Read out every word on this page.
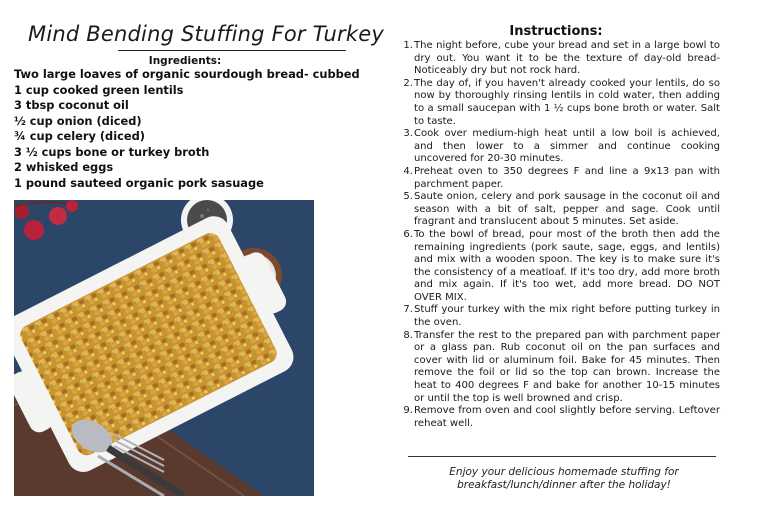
Mind Bending Stuffing For Turkey
Ingredients:
Two large loaves of organic sourdough bread- cubbed
1 cup cooked green lentils
3 tbsp coconut oil
½ cup onion (diced)
¾ cup celery (diced)
3 ½ cups bone or turkey broth
2 whisked eggs
1 pound sauteed organic pork sasuage
Instructions:
1. The night before, cube your bread and set in a large bowl to dry out. You want it to be the texture of day-old bread- Noticeably dry but not rock hard.
2. The day of, if you haven't already cooked your lentils, do so now by thoroughly rinsing lentils in cold water, then adding to a small saucepan with 1 ½ cups bone broth or water. Salt to taste.
3. Cook over medium-high heat until a low boil is achieved, and then lower to a simmer and continue cooking uncovered for 20-30 minutes.
4. Preheat oven to 350 degrees F and line a 9x13 pan with parchment paper.
5. Saute onion, celery and pork sausage in the coconut oil and season with a bit of salt, pepper and sage. Cook until fragrant and translucent about 5 minutes. Set aside.
6. To the bowl of bread, pour most of the broth then add the remaining ingredients (pork saute, sage, eggs, and lentils) and mix with a wooden spoon. The key is to make sure it's the consistency of a meatloaf. If it's too dry, add more broth and mix again. If it's too wet, add more bread. DO NOT OVER MIX.
7. Stuff your turkey with the mix right before putting turkey in the oven.
8. Transfer the rest to the prepared pan with parchment paper or a glass pan. Rub coconut oil on the pan surfaces and cover with lid or aluminum foil. Bake for 45 minutes. Then remove the foil or lid so the top can brown. Increase the heat to 400 degrees F and bake for another 10-15 minutes or until the top is well browned and crisp.
9. Remove from oven and cool slightly before serving. Leftover reheat well.
Enjoy your delicious homemade stuffing for
breakfast/lunch/dinner after the holiday!
